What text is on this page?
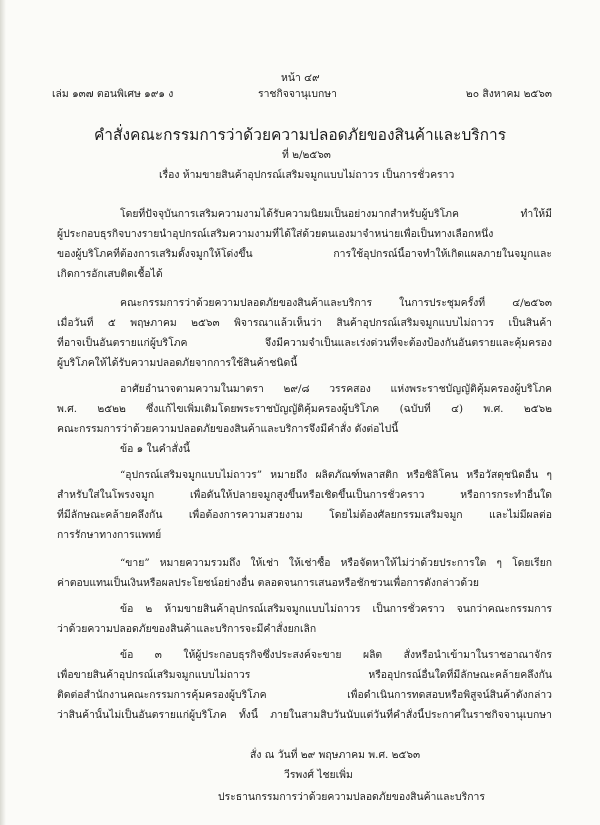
หน้า ๔๙
เล่ม ๑๓๗ ตอนพิเศษ ๑๙๑ ง	ราชกิจจานุเบกษา	๒๐ สิงหาคม ๒๕๖๓
คำสั่งคณะกรรมการว่าด้วยความปลอดภัยของสินค้าและบริการ
ที่ ๒/๒๕๖๓
เรื่อง ห้ามขายสินค้าอุปกรณ์เสริมจมูกแบบไม่ถาวร เป็นการชั่วคราว
โดยที่ปัจจุบันการเสริมความงามได้รับความนิยมเป็นอย่างมากสำหรับผู้บริโภค ทำให้มี
ผู้ประกอบธุรกิจบางรายนำอุปกรณ์เสริมความงามที่ได้ใส่ด้วยตนเองมาจำหน่ายเพื่อเป็นทางเลือกหนึ่ง
ของผู้บริโภคที่ต้องการเสริมดั้งจมูกให้โด่งขึ้น การใช้อุปกรณ์นี้อาจทำให้เกิดแผลภายในจมูกและ
เกิดการอักเสบติดเชื้อได้
คณะกรรมการว่าด้วยความปลอดภัยของสินค้าและบริการ ในการประชุมครั้งที่ ๔/๒๕๖๓
เมื่อวันที่ ๕ พฤษภาคม ๒๕๖๓ พิจารณาแล้วเห็นว่า สินค้าอุปกรณ์เสริมจมูกแบบไม่ถาวร เป็นสินค้า
ที่อาจเป็นอันตรายแก่ผู้บริโภค จึงมีความจำเป็นและเร่งด่วนที่จะต้องป้องกันอันตรายและคุ้มครอง
ผู้บริโภคให้ได้รับความปลอดภัยจากการใช้สินค้าชนิดนี้
อาศัยอำนาจตามความในมาตรา ๒๙/๘ วรรคสอง แห่งพระราชบัญญัติคุ้มครองผู้บริโภค
พ.ศ. ๒๕๒๒ ซึ่งแก้ไขเพิ่มเติมโดยพระราชบัญญัติคุ้มครองผู้บริโภค (ฉบับที่ ๔) พ.ศ. ๒๕๖๒
คณะกรรมการว่าด้วยความปลอดภัยของสินค้าและบริการจึงมีคำสั่ง ดังต่อไปนี้
ข้อ ๑ ในคำสั่งนี้
“อุปกรณ์เสริมจมูกแบบไม่ถาวร” หมายถึง ผลิตภัณฑ์พลาสติก หรือซิลิโคน หรือวัสดุชนิดอื่น ๆ
สำหรับใส่ในโพรงจมูก เพื่อดันให้ปลายจมูกสูงขึ้นหรือเชิดขึ้นเป็นการชั่วคราว หรือการกระทำอื่นใด
ที่มีลักษณะคล้ายคลึงกัน เพื่อต้องการความสวยงาม โดยไม่ต้องศัลยกรรมเสริมจมูก และไม่มีผลต่อ
การรักษาทางการแพทย์
“ขาย” หมายความรวมถึง ให้เช่า ให้เช่าซื้อ หรือจัดหาให้ไม่ว่าด้วยประการใด ๆ โดยเรียก
ค่าตอบแทนเป็นเงินหรือผลประโยชน์อย่างอื่น ตลอดจนการเสนอหรือชักชวนเพื่อการดังกล่าวด้วย
ข้อ ๒ ห้ามขายสินค้าอุปกรณ์เสริมจมูกแบบไม่ถาวร เป็นการชั่วคราว จนกว่าคณะกรรมการ
ว่าด้วยความปลอดภัยของสินค้าและบริการจะมีคำสั่งยกเลิก
ข้อ ๓ ให้ผู้ประกอบธุรกิจซึ่งประสงค์จะขาย ผลิต สั่งหรือนำเข้ามาในราชอาณาจักร
เพื่อขายสินค้าอุปกรณ์เสริมจมูกแบบไม่ถาวร หรืออุปกรณ์อื่นใดที่มีลักษณะคล้ายคลึงกัน
ติดต่อสำนักงานคณะกรรมการคุ้มครองผู้บริโภค เพื่อดำเนินการทดสอบหรือพิสูจน์สินค้าดังกล่าว
ว่าสินค้านั้นไม่เป็นอันตรายแก่ผู้บริโภค ทั้งนี้ ภายในสามสิบวันนับแต่วันที่คำสั่งนี้ประกาศในราชกิจจานุเบกษา
สั่ง ณ วันที่ ๒๙ พฤษภาคม พ.ศ. ๒๕๖๓
วีรพงศ์ ไชยเพิ่ม
ประธานกรรมการว่าด้วยความปลอดภัยของสินค้าและบริการ
